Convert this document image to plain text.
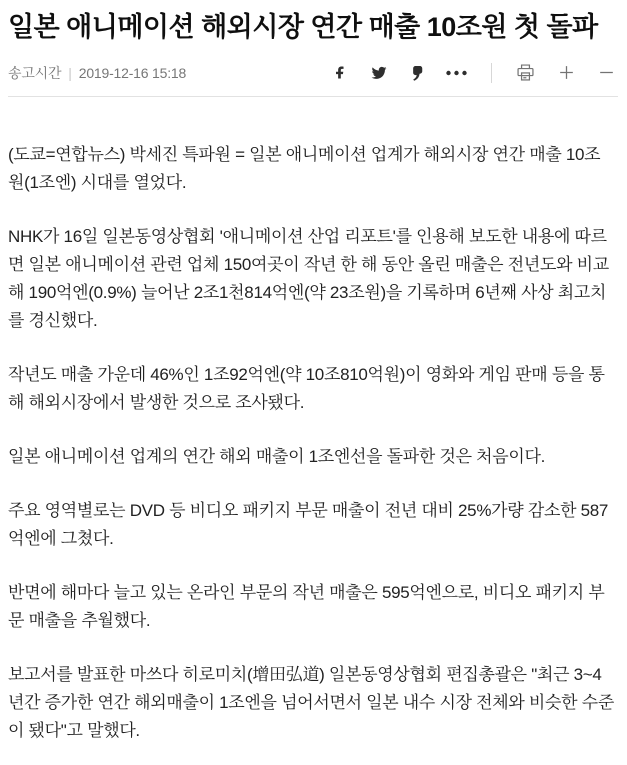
일본 애니메이션 해외시장 연간 매출 10조원 첫 돌파
송고시간 | 2019-12-16 15:18

(도쿄=연합뉴스) 박세진 특파원 = 일본 애니메이션 업계가 해외시장 연간 매출 10조원(1조엔) 시대를 열었다.

NHK가 16일 일본동영상협회 '애니메이션 산업 리포트'를 인용해 보도한 내용에 따르면 일본 애니메이션 관련 업체 150여곳이 작년 한 해 동안 올린 매출은 전년도와 비교해 190억엔(0.9%) 늘어난 2조1천814억엔(약 23조원)을 기록하며 6년째 사상 최고치를 경신했다.

작년도 매출 가운데 46%인 1조92억엔(약 10조810억원)이 영화와 게임 판매 등을 통해 해외시장에서 발생한 것으로 조사됐다.

일본 애니메이션 업계의 연간 해외 매출이 1조엔선을 돌파한 것은 처음이다.

주요 영역별로는 DVD 등 비디오 패키지 부문 매출이 전년 대비 25%가량 감소한 587억엔에 그쳤다.

반면에 해마다 늘고 있는 온라인 부문의 작년 매출은 595억엔으로, 비디오 패키지 부문 매출을 추월했다.

보고서를 발표한 마쓰다 히로미치(增田弘道) 일본동영상협회 편집총괄은 "최근 3~4년간 증가한 연간 해외매출이 1조엔을 넘어서면서 일본 내수 시장 전체와 비슷한 수준이 됐다"고 말했다.
